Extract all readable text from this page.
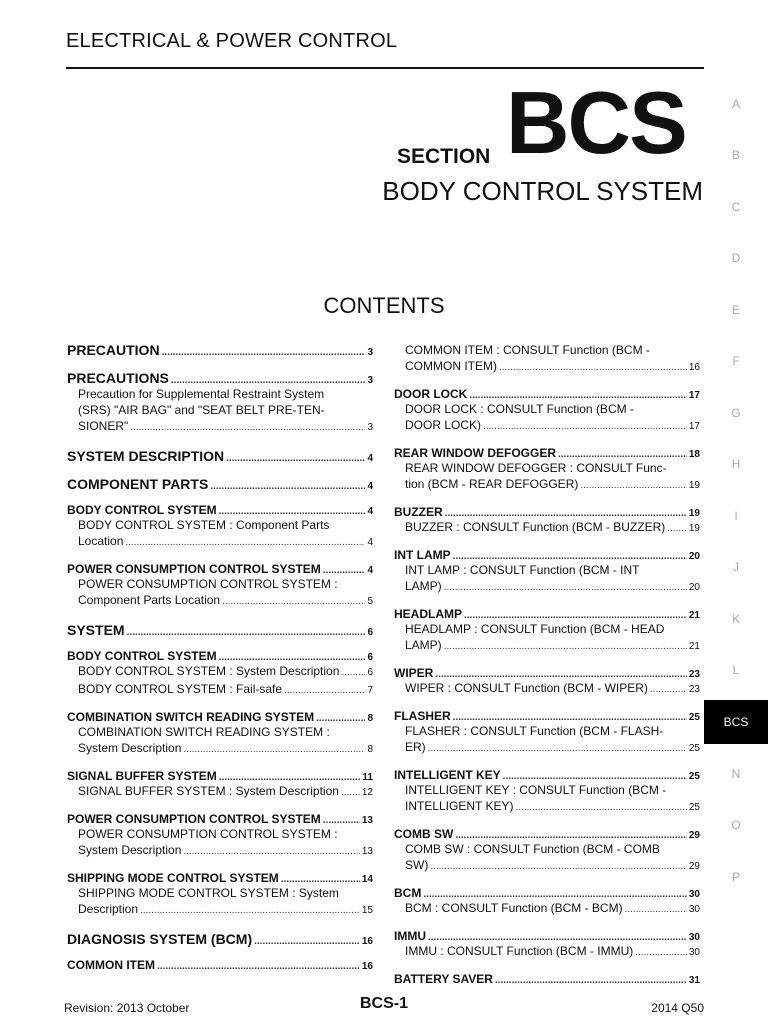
ELECTRICAL & POWER CONTROL
SECTION BCS
BODY CONTROL SYSTEM
CONTENTS
PRECAUTION .....	3
PRECAUTIONS .....	3
Precaution for Supplemental Restraint System
(SRS) "AIR BAG" and "SEAT BELT PRE-TEN-
SIONER" .....	3
SYSTEM DESCRIPTION .....	4
COMPONENT PARTS .....	4
BODY CONTROL SYSTEM .....	4
BODY CONTROL SYSTEM : Component Parts
Location .....	4
POWER CONSUMPTION CONTROL SYSTEM .....	4
POWER CONSUMPTION CONTROL SYSTEM :
Component Parts Location .....	5
SYSTEM .....	6
BODY CONTROL SYSTEM .....	6
BODY CONTROL SYSTEM : System Description .....	6
BODY CONTROL SYSTEM : Fail-safe .....	7
COMBINATION SWITCH READING SYSTEM .....	8
COMBINATION SWITCH READING SYSTEM :
System Description .....	8
SIGNAL BUFFER SYSTEM .....	11
SIGNAL BUFFER SYSTEM : System Description ..... 12
POWER CONSUMPTION CONTROL SYSTEM .....	13
POWER CONSUMPTION CONTROL SYSTEM :
System Description .....	13
SHIPPING MODE CONTROL SYSTEM .....	14
SHIPPING MODE CONTROL SYSTEM : System
Description .....	15
DIAGNOSIS SYSTEM (BCM) .....	16
COMMON ITEM .....	16
COMMON ITEM : CONSULT Function (BCM -
COMMON ITEM) .....	16
DOOR LOCK .....	17
DOOR LOCK : CONSULT Function (BCM -
DOOR LOCK) .....	17
REAR WINDOW DEFOGGER .....	18
REAR WINDOW DEFOGGER : CONSULT Func-
tion (BCM - REAR DEFOGGER) .....	19
BUZZER .....	19
BUZZER : CONSULT Function (BCM - BUZZER) ..... 19
INT LAMP .....	20
INT LAMP : CONSULT Function (BCM - INT
LAMP) .....	20
HEADLAMP .....	21
HEADLAMP : CONSULT Function (BCM - HEAD
LAMP) .....	21
WIPER .....	23
WIPER : CONSULT Function (BCM - WIPER) .....	23
FLASHER .....	25
FLASHER : CONSULT Function (BCM - FLASH-
ER) .....	25
INTELLIGENT KEY .....	25
INTELLIGENT KEY : CONSULT Function (BCM -
INTELLIGENT KEY) .....	25
COMB SW .....	29
COMB SW : CONSULT Function (BCM - COMB
SW) .....	29
BCM .....	30
BCM : CONSULT Function (BCM - BCM) .....	30
IMMU .....	30
IMMU : CONSULT Function (BCM - IMMU) .....	30
BATTERY SAVER .....	31
A
B
C
D
E
F
G
H
I
J
K
L
BCS
N
O
P
Revision: 2013 October	BCS-1	2014 Q50
